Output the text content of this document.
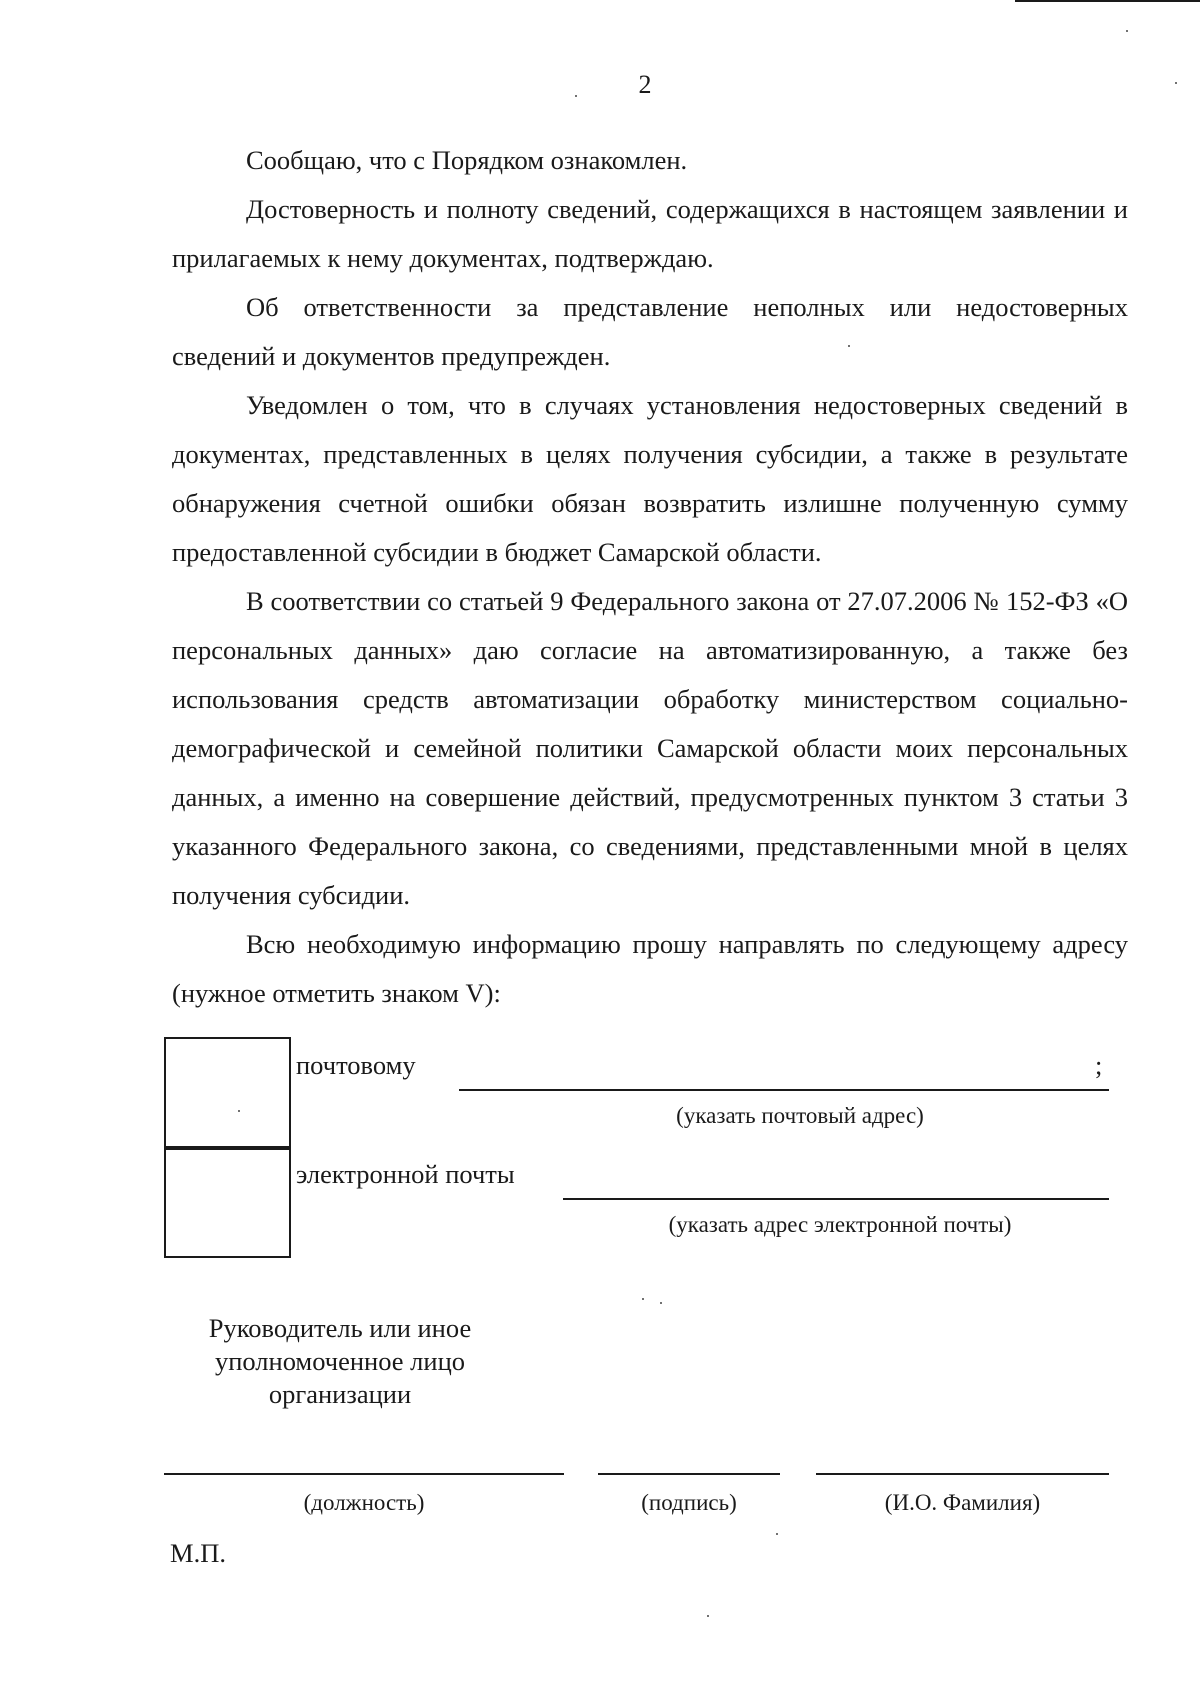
2

Сообщаю, что с Порядком ознакомлен.

Достоверность и полноту сведений, содержащихся в настоящем заявлении и прилагаемых к нему документах, подтверждаю.

Об ответственности за представление неполных или недостоверных сведений и документов предупрежден.

Уведомлен о том, что в случаях установления недостоверных сведений в документах, представленных в целях получения субсидии, а также в результате обнаружения счетной ошибки обязан возвратить излишне полученную сумму предоставленной субсидии в бюджет Самарской области.

В соответствии со статьей 9 Федерального закона от 27.07.2006 № 152-ФЗ «О персональных данных» даю согласие на автоматизированную, а также без использования средств автоматизации обработку министерством социально-демографической и семейной политики Самарской области моих персональных данных, а именно на совершение действий, предусмотренных пунктом 3 статьи 3 указанного Федерального закона, со сведениями, представленными мной в целях получения субсидии.

Всю необходимую информацию прошу направлять по следующему адресу (нужное отметить знаком V):

почтовому	;
(указать почтовый адрес)
электронной почты
(указать адрес электронной почты)
Руководитель или иное
уполномоченное лицо
организации
(должность)	(подпись)	(И.О. Фамилия)
М.П.
